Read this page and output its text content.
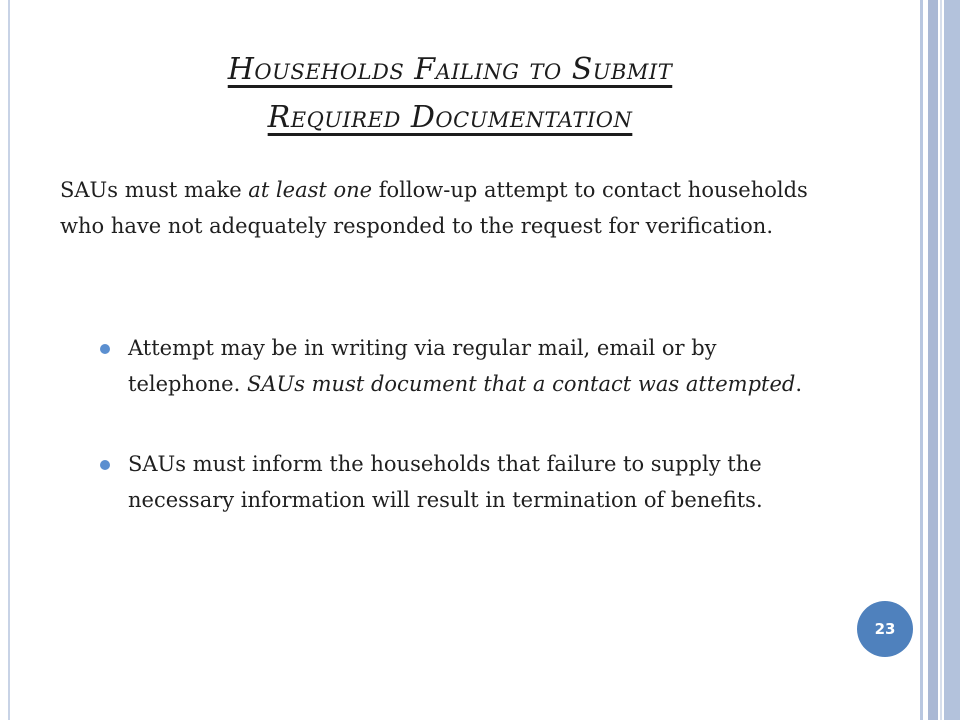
Households Failing to Submit
Required Documentation

SAUs must make at least one follow-up attempt to contact households who have not adequately responded to the request for verification.

Attempt may be in writing via regular mail, email or by telephone. SAUs must document that a contact was attempted.
SAUs must inform the households that failure to supply the necessary information will result in termination of benefits.
23
